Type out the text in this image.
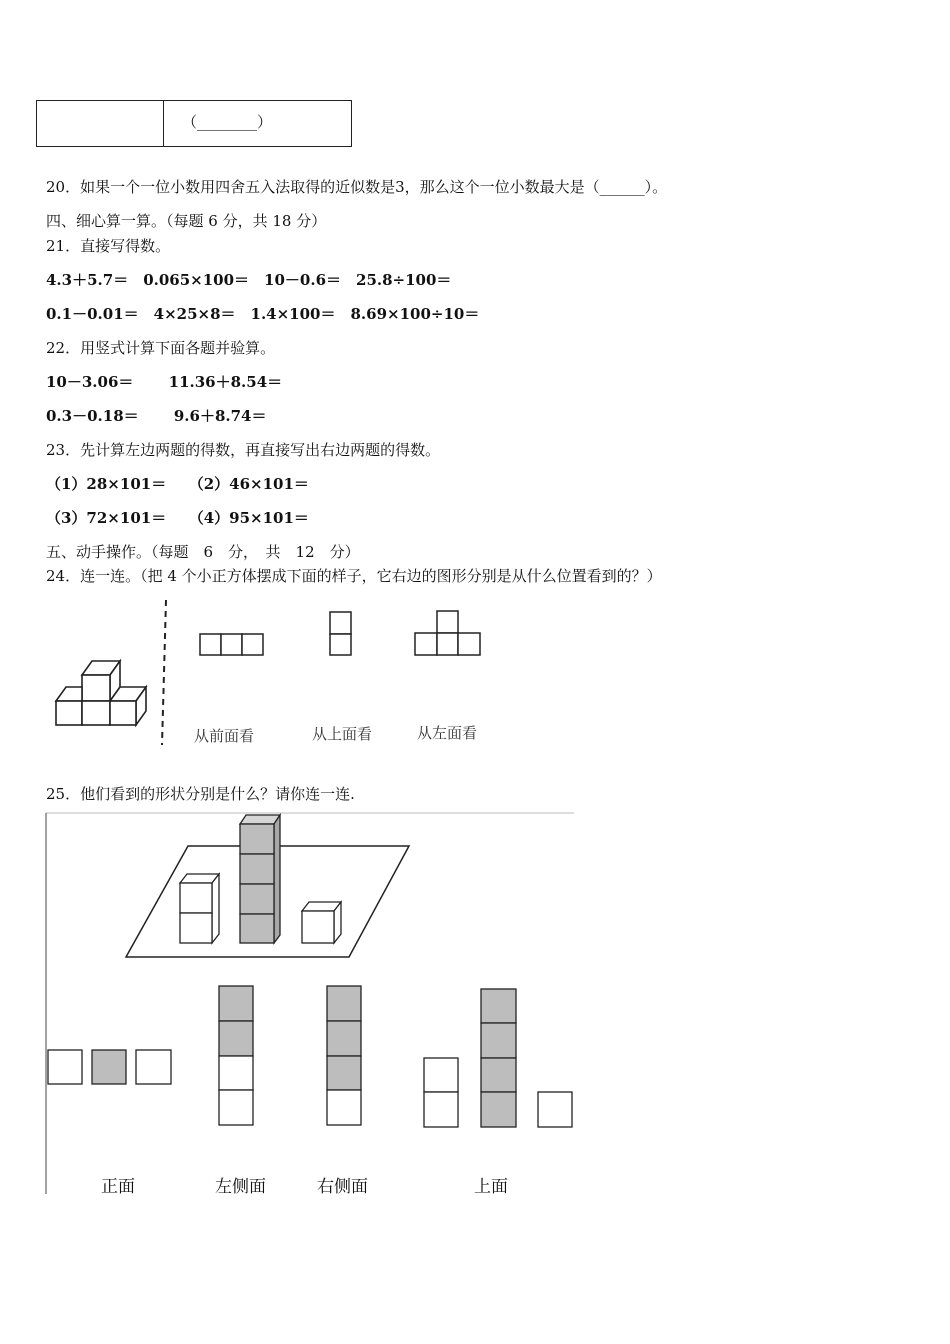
（________）
20．如果一个一位小数用四舍五入法取得的近似数是3，那么这个一位小数最大是（______）。
四、细心算一算。（每题 6 分，共 18 分）
21．直接写得数。
4.3＋5.7＝　0.065×100＝　10－0.6＝　25.8÷100＝
0.1－0.01＝　4×25×8＝　1.4×100＝　8.69×100÷10＝
22．用竖式计算下面各题并验算。
10－3.06＝　　 11.36＋8.54＝
0.3－0.18＝　　 9.6＋8.74＝
23．先计算左边两题的得数，再直接写出右边两题的得数。
（1）28×101＝　　（2）46×101＝
（3）72×101＝　　（4）95×101＝
五、动手操作。（每题　6　分，　共　12　分）
24．连一连。（把 4 个小正方体摆成下面的样子，它右边的图形分别是从什么位置看到的？）
从前面看	从上面看	从左面看
25．他们看到的形状分别是什么？请你连一连.
正面	左侧面	右侧面	上面
